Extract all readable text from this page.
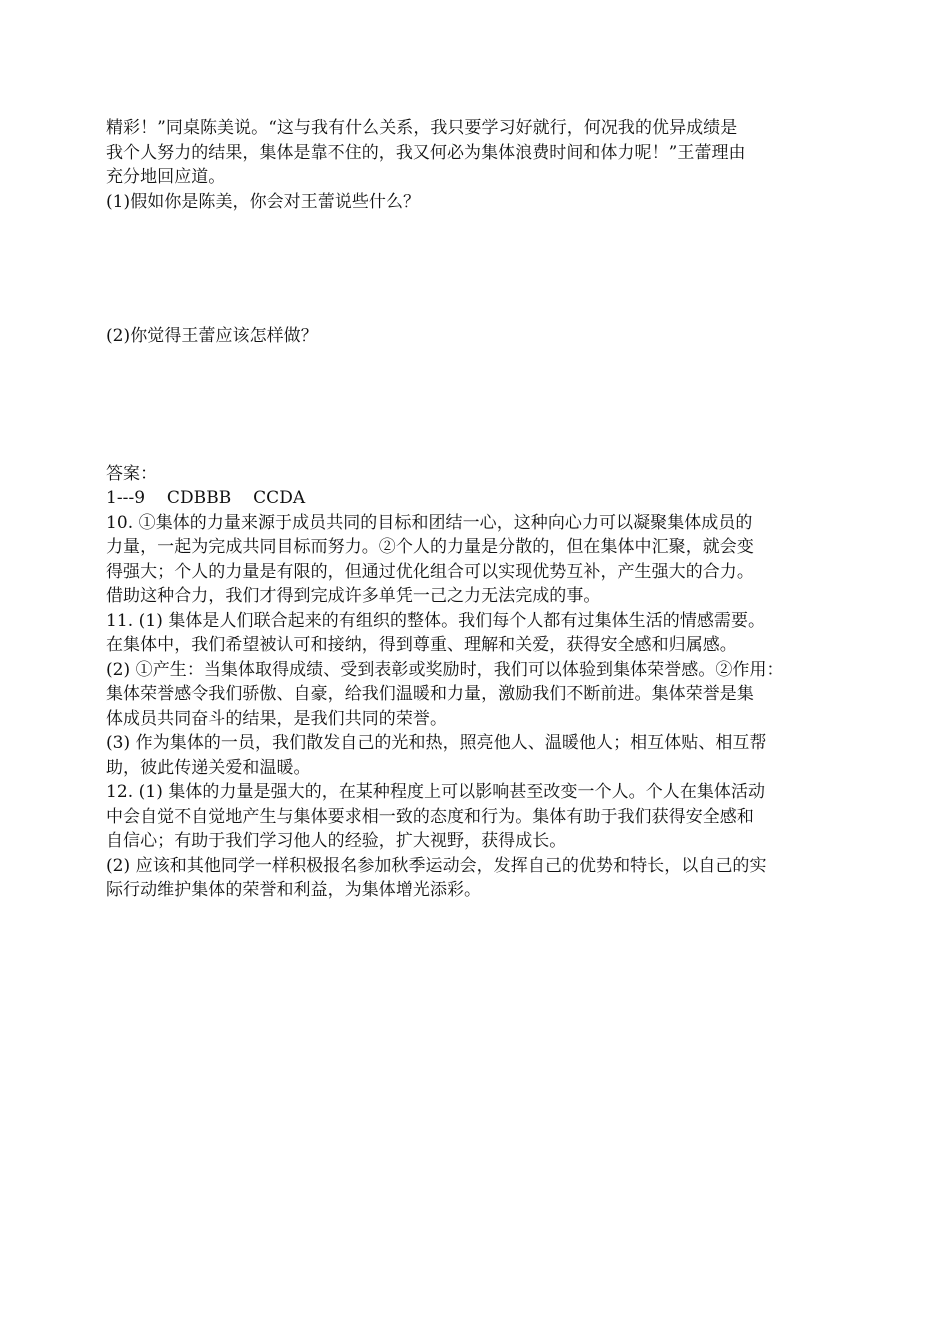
精彩！”同桌陈美说。“这与我有什么关系，我只要学习好就行，何况我的优异成绩是
我个人努力的结果，集体是靠不住的，我又何必为集体浪费时间和体力呢！”王蕾理由
充分地回应道。
(1)假如你是陈美，你会对王蕾说些什么？
(2)你觉得王蕾应该怎样做？
答案：
1---9    CDBBB    CCDA
10. ①集体的力量来源于成员共同的目标和团结一心，这种向心力可以凝聚集体成员的
力量，一起为完成共同目标而努力。②个人的力量是分散的，但在集体中汇聚，就会变
得强大；个人的力量是有限的，但通过优化组合可以实现优势互补，产生强大的合力。
借助这种合力，我们才得到完成许多单凭一己之力无法完成的事。
11. (1) 集体是人们联合起来的有组织的整体。我们每个人都有过集体生活的情感需要。
在集体中，我们希望被认可和接纳，得到尊重、理解和关爱，获得安全感和归属感。
(2) ①产生：当集体取得成绩、受到表彰或奖励时，我们可以体验到集体荣誉感。②作用：
集体荣誉感令我们骄傲、自豪，给我们温暖和力量，激励我们不断前进。集体荣誉是集
体成员共同奋斗的结果，是我们共同的荣誉。
(3) 作为集体的一员，我们散发自己的光和热，照亮他人、温暖他人；相互体贴、相互帮
助，彼此传递关爱和温暖。
12. (1) 集体的力量是强大的，在某种程度上可以影响甚至改变一个人。个人在集体活动
中会自觉不自觉地产生与集体要求相一致的态度和行为。集体有助于我们获得安全感和
自信心；有助于我们学习他人的经验，扩大视野，获得成长。
(2) 应该和其他同学一样积极报名参加秋季运动会，发挥自己的优势和特长，以自己的实
际行动维护集体的荣誉和利益，为集体增光添彩。
